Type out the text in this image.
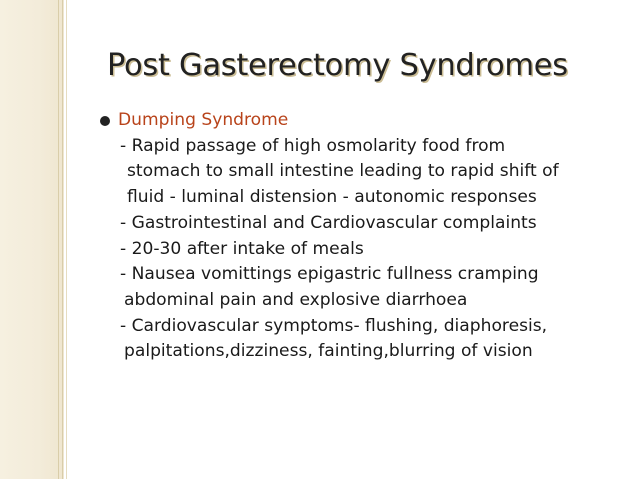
Post Gasterectomy Syndromes
Dumping Syndrome
- Rapid passage of high osmolarity food from
stomach to small intestine leading to rapid shift of
fluid - luminal distension - autonomic responses
- Gastrointestinal and Cardiovascular complaints
- 20-30 after intake of meals
- Nausea vomittings epigastric fullness cramping
abdominal pain and explosive diarrhoea
- Cardiovascular symptoms- flushing, diaphoresis,
palpitations,dizziness, fainting,blurring of vision
